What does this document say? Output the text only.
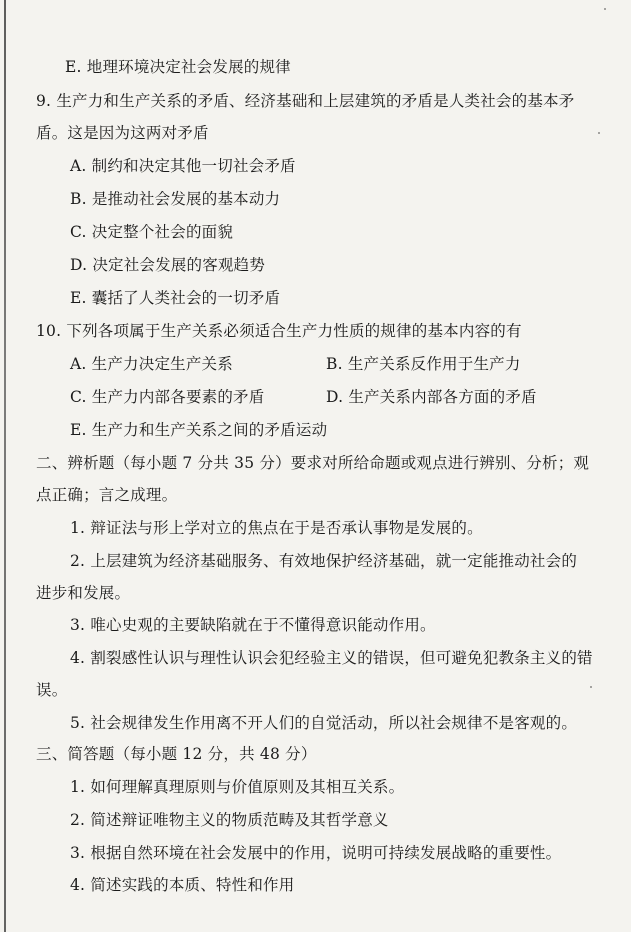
E. 地理环境决定社会发展的规律
9. 生产力和生产关系的矛盾、经济基础和上层建筑的矛盾是人类社会的基本矛
盾。这是因为这两对矛盾
A. 制约和决定其他一切社会矛盾
B. 是推动社会发展的基本动力
C. 决定整个社会的面貌
D. 决定社会发展的客观趋势
E. 囊括了人类社会的一切矛盾
10. 下列各项属于生产关系必须适合生产力性质的规律的基本内容的有
A. 生产力决定生产关系	B. 生产关系反作用于生产力
C. 生产力内部各要素的矛盾	D. 生产关系内部各方面的矛盾
E. 生产力和生产关系之间的矛盾运动
二、辨析题（每小题 7 分共 35 分）要求对所给命题或观点进行辨别、分析；观
点正确；言之成理。
1. 辩证法与形上学对立的焦点在于是否承认事物是发展的。
2. 上层建筑为经济基础服务、有效地保护经济基础，就一定能推动社会的
进步和发展。
3. 唯心史观的主要缺陷就在于不懂得意识能动作用。
4. 割裂感性认识与理性认识会犯经验主义的错误，但可避免犯教条主义的错
误。
5. 社会规律发生作用离不开人们的自觉活动，所以社会规律不是客观的。
三、简答题（每小题 12 分，共 48 分）
1. 如何理解真理原则与价值原则及其相互关系。
2. 简述辩证唯物主义的物质范畴及其哲学意义
3. 根据自然环境在社会发展中的作用，说明可持续发展战略的重要性。
4. 简述实践的本质、特性和作用
